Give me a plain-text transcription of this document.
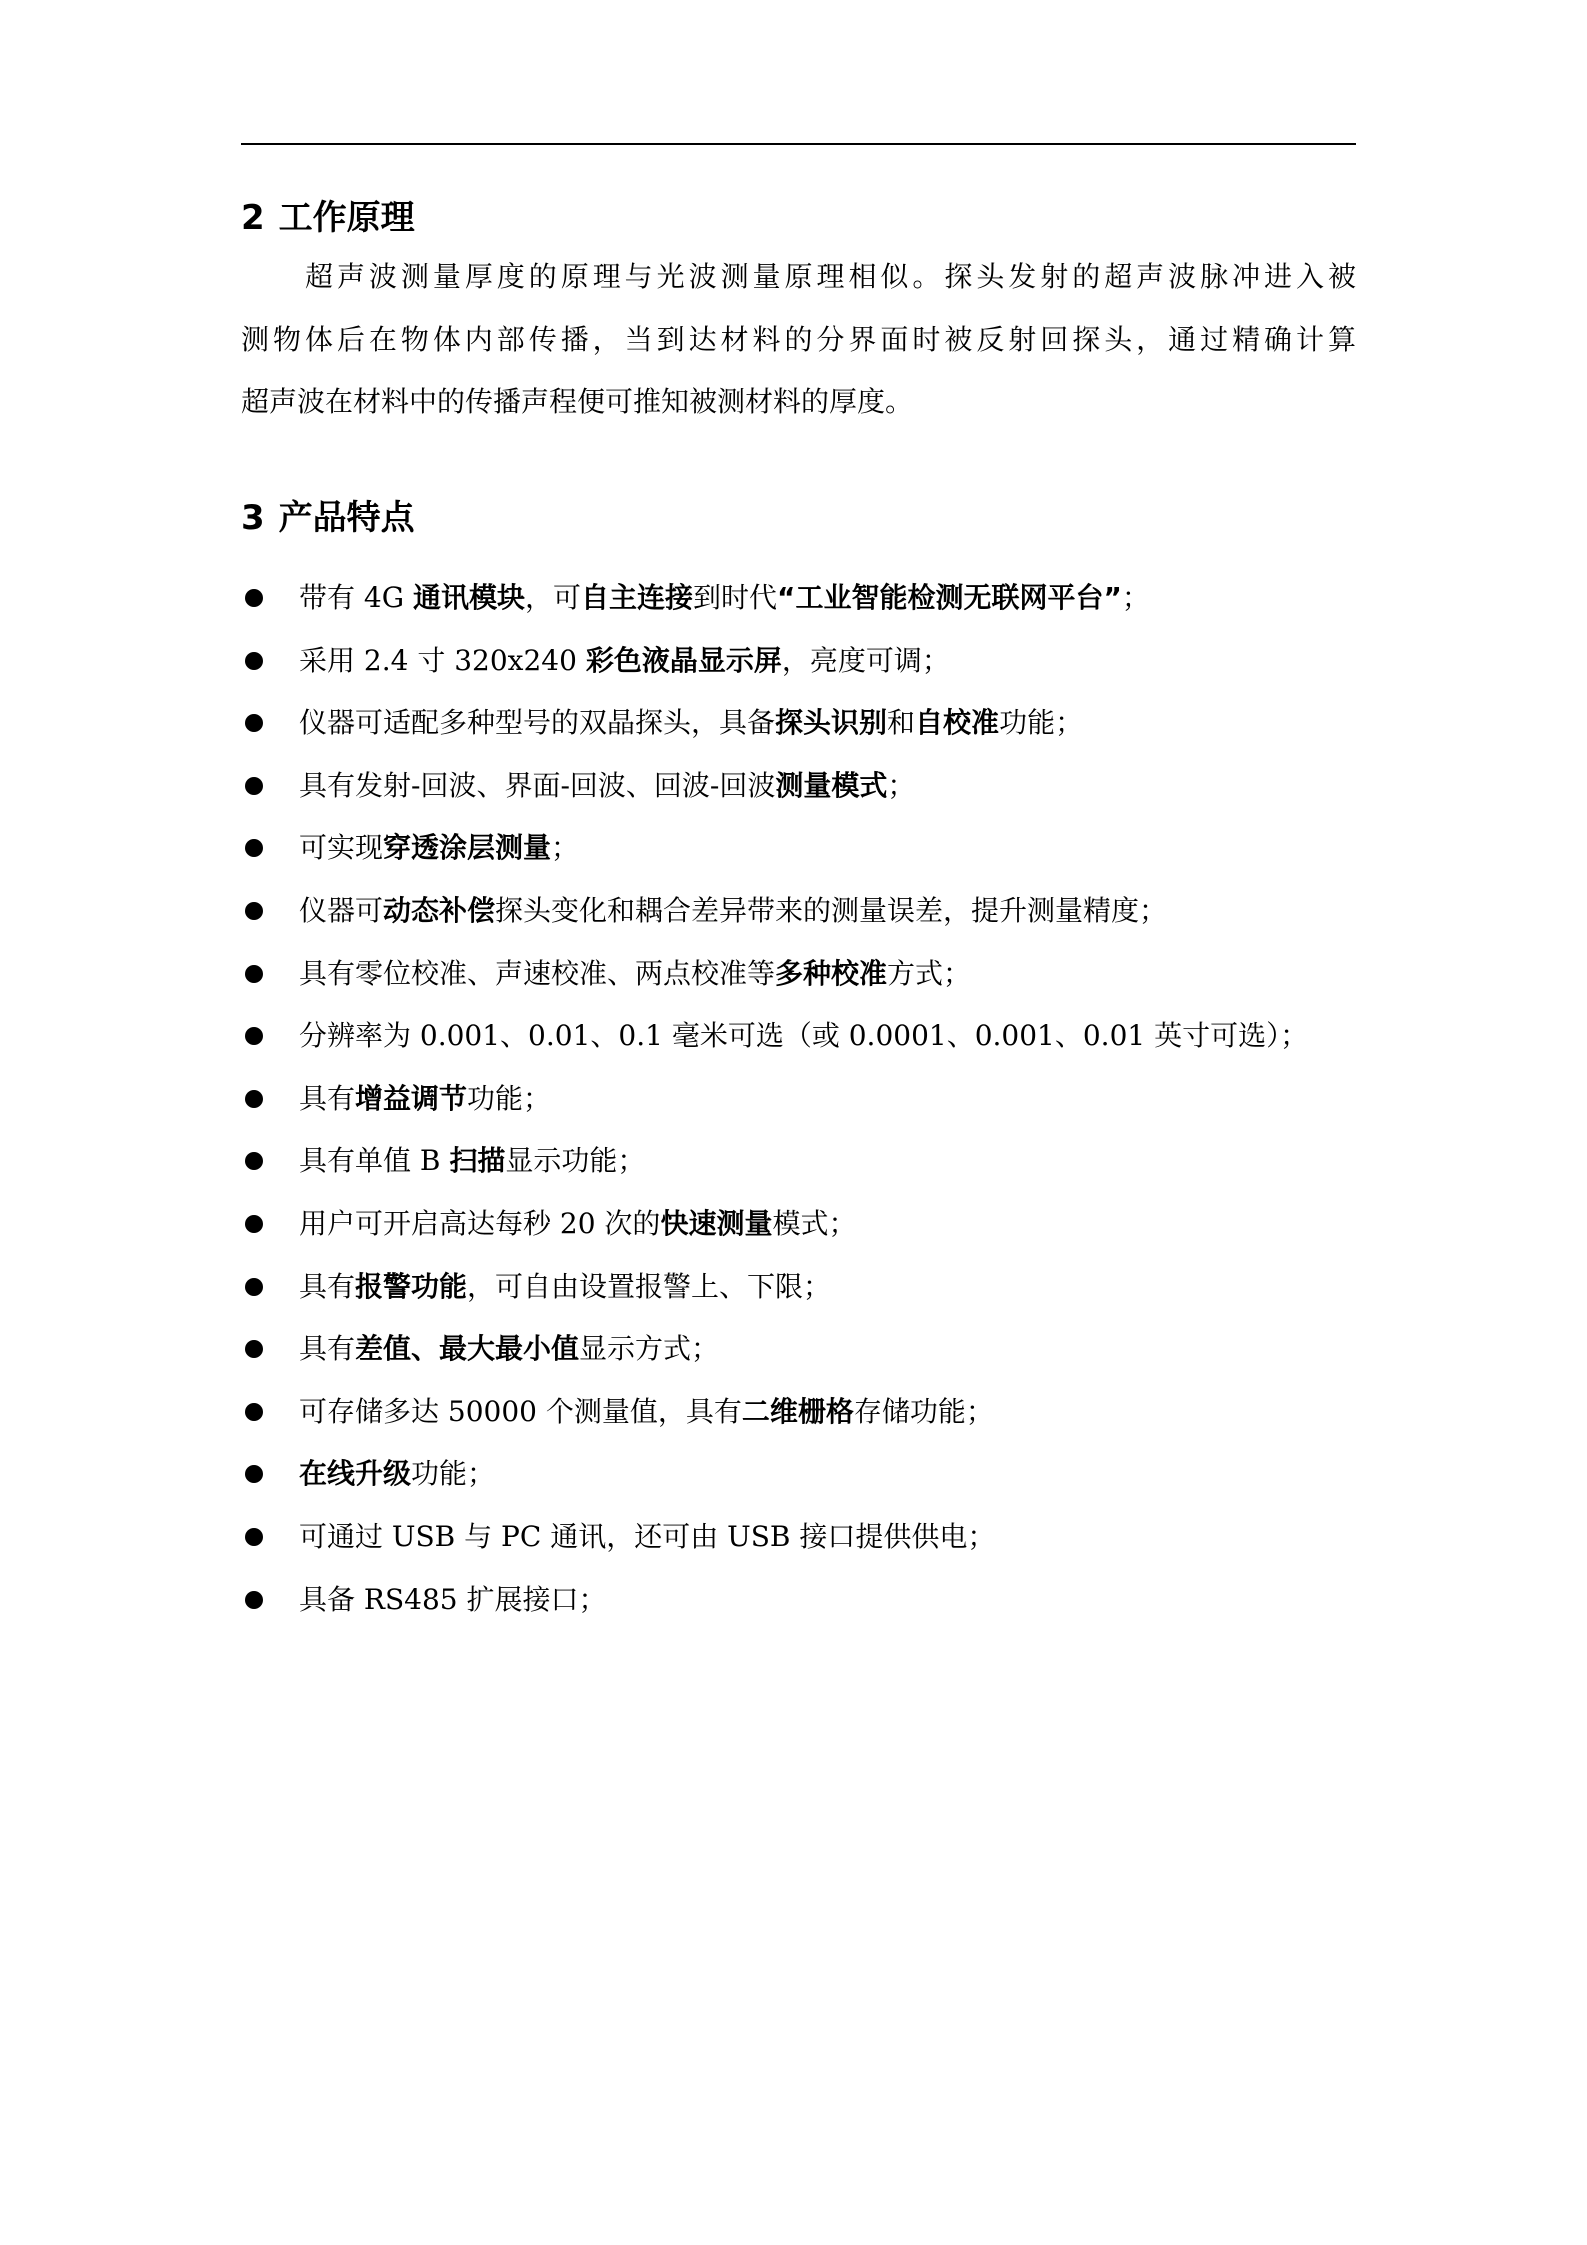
2 工作原理
超声波测量厚度的原理与光波测量原理相似。探头发射的超声波脉冲进入被
测物体后在物体内部传播，当到达材料的分界面时被反射回探头，通过精确计算
超声波在材料中的传播声程便可推知被测材料的厚度。
3 产品特点
带有 4G 通讯模块，可自主连接到时代“工业智能检测无联网平台”；
采用 2.4 寸 320x240 彩色液晶显示屏，亮度可调；
仪器可适配多种型号的双晶探头，具备探头识别和自校准功能；
具有发射-回波、界面-回波、回波-回波测量模式；
可实现穿透涂层测量；
仪器可动态补偿探头变化和耦合差异带来的测量误差，提升测量精度；
具有零位校准、声速校准、两点校准等多种校准方式；
分辨率为 0.001、0.01、0.1 毫米可选（或 0.0001、0.001、0.01 英寸可选）；
具有增益调节功能；
具有单值 B 扫描显示功能；
用户可开启高达每秒 20 次的快速测量模式；
具有报警功能，可自由设置报警上、下限；
具有差值、最大最小值显示方式；
可存储多达 50000 个测量值，具有二维栅格存储功能；
在线升级功能；
可通过 USB 与 PC 通讯，还可由 USB 接口提供供电；
具备 RS485 扩展接口；
